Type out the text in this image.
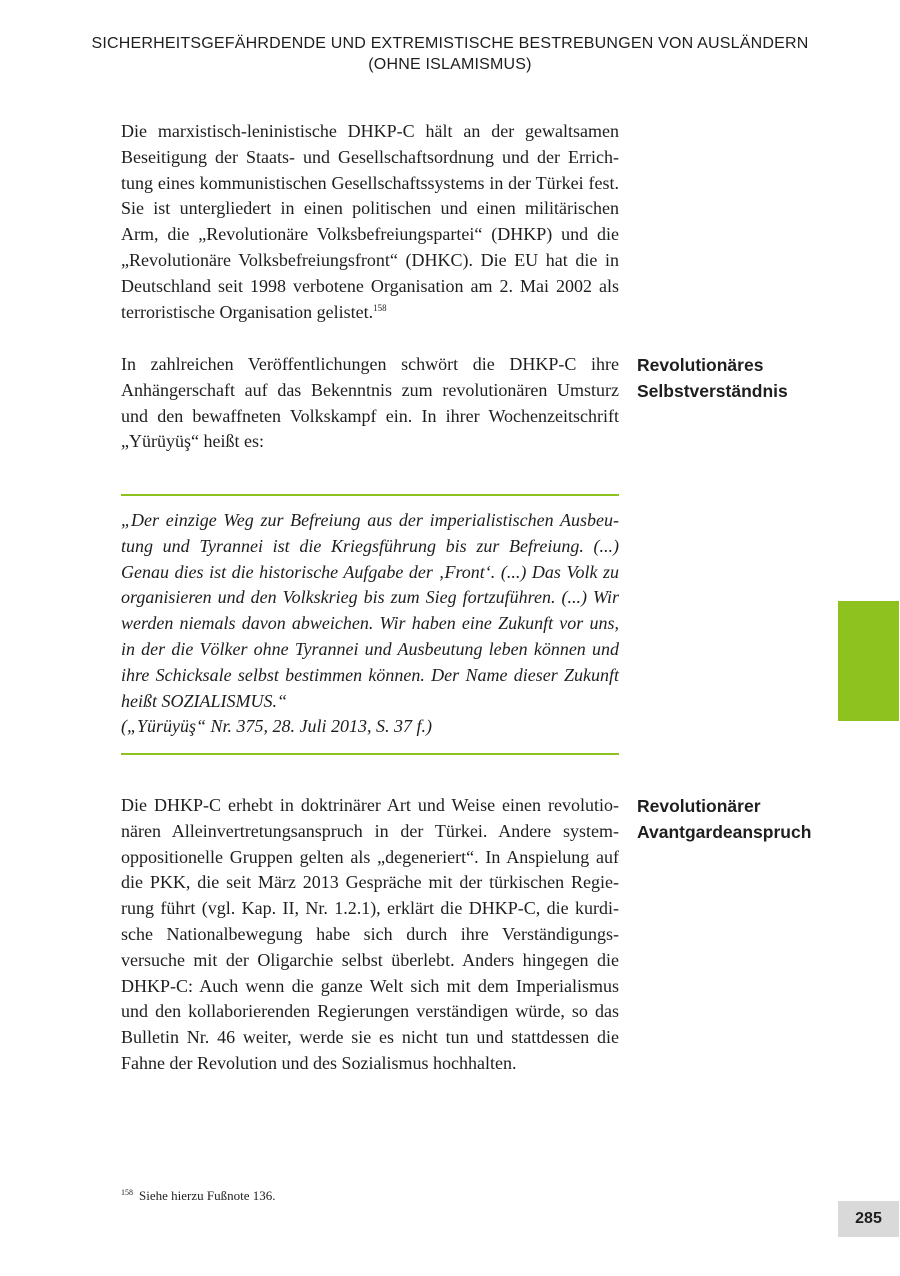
SICHERHEITSGEFÄHRDENDE UND EXTREMISTISCHE BESTREBUNGEN VON AUSLÄNDERN
(OHNE ISLAMISMUS)
Die marxistisch-leninistische DHKP-C hält an der gewaltsamen Beseitigung der Staats- und Gesellschaftsordnung und der Errichtung eines kommunistischen Gesellschaftssystems in der Türkei fest. Sie ist untergliedert in einen politischen und einen militärischen Arm, die „Revolutionäre Volksbefreiungspartei“ (DHKP) und die „Revolutionäre Volksbefreiungsfront“ (DHKC). Die EU hat die in Deutschland seit 1998 verbotene Organisation am 2. Mai 2002 als terroristische Organisation gelistet.$^{158}$
Revolutionäres
Selbstverständnis
In zahlreichen Veröffentlichungen schwört die DHKP-C ihre Anhängerschaft auf das Bekenntnis zum revolutionären Umsturz und den bewaffneten Volkskampf ein. In ihrer Wochenzeitschrift „Yürüyüş“ heißt es:
„Der einzige Weg zur Befreiung aus der imperialistischen Ausbeutung und Tyrannei ist die Kriegsführung bis zur Befreiung. (...) Genau dies ist die historische Aufgabe der ‚Front‘. (...) Das Volk zu organisieren und den Volkskrieg bis zum Sieg fortzuführen. (...) Wir werden niemals davon abweichen. Wir haben eine Zukunft vor uns, in der die Völker ohne Tyrannei und Ausbeutung leben können und ihre Schicksale selbst bestimmen können. Der Name dieser Zukunft heißt SOZIALISMUS.“
(„Yürüyüş“ Nr. 375, 28. Juli 2013, S. 37 f.)
Revolutionärer
Avantgardeanspruch
Die DHKP-C erhebt in doktrinärer Art und Weise einen revolutionären Alleinvertretungsanspruch in der Türkei. Andere systemoppositionelle Gruppen gelten als „degeneriert“. In Anspielung auf die PKK, die seit März 2013 Gespräche mit der türkischen Regierung führt (vgl. Kap. II, Nr. 1.2.1), erklärt die DHKP-C, die kurdische Nationalbewegung habe sich durch ihre Verständigungsversuche mit der Oligarchie selbst überlebt. Anders hingegen die DHKP-C: Auch wenn die ganze Welt sich mit dem Imperialismus und den kollaborierenden Regierungen verständigen würde, so das Bulletin Nr. 46 weiter, werde sie es nicht tun und stattdessen die Fahne der Revolution und des Sozialismus hochhalten.
$^{158}$ Siehe hierzu Fußnote 136.
285
